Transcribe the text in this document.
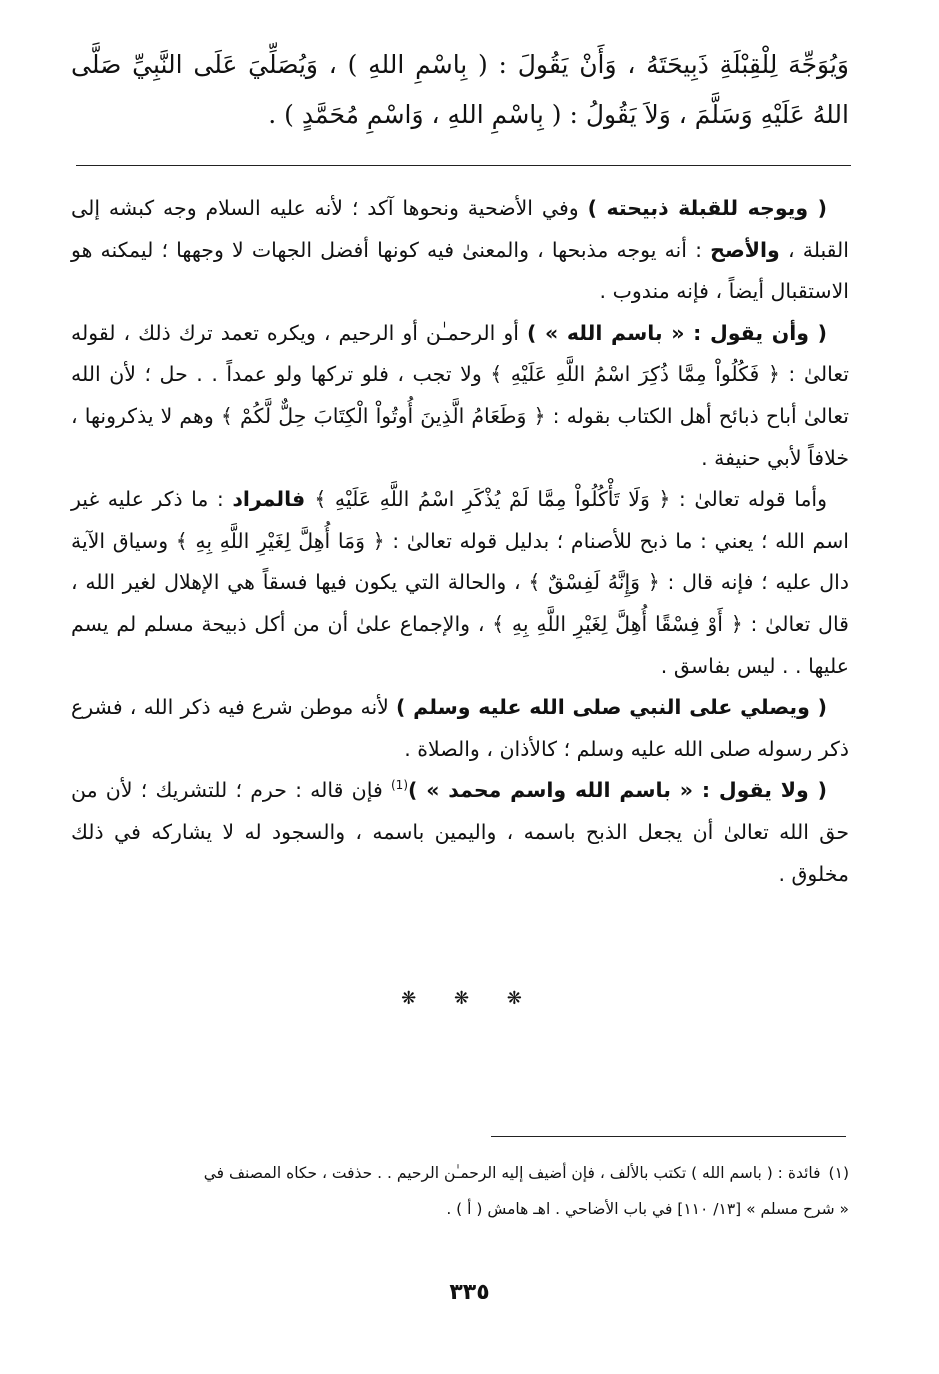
وَيُوَجِّهَ لِلْقِبْلَةِ ذَبِيحَتَهُ ، وَأَنْ يَقُولَ : ( بِاسْمِ اللهِ ) ، وَيُصَلِّيَ عَلَى النَّبِيِّ صَلَّى اللهُ عَلَيْهِ وَسَلَّمَ ، وَلاَ يَقُولُ : ( بِاسْمِ اللهِ ، وَاسْمِ مُحَمَّدٍ ) .

( ويوجه للقبلة ذبيحته ) وفي الأضحية ونحوها آكد ؛ لأنه عليه السلام وجه كبشه إلى القبلة ، والأصح : أنه يوجه مذبحها ، والمعنىٰ فيه كونها أفضل الجهات لا وجهها ؛ ليمكنه هو الاستقبال أيضاً ، فإنه مندوب .

( وأن يقول : « باسم الله » ) أو الرحمـٰن أو الرحيم ، ويكره تعمد ترك ذلك ، لقوله تعالىٰ : ﴿ فَكُلُواْ مِمَّا ذُكِرَ اسْمُ اللَّهِ عَلَيْهِ ﴾ ولا تجب ، فلو تركها ولو عمداً . . حل ؛ لأن الله تعالىٰ أباح ذبائح أهل الكتاب بقوله : ﴿ وَطَعَامُ الَّذِينَ أُوتُواْ الْكِتَابَ حِلٌّ لَّكُمْ ﴾ وهم لا يذكرونها ، خلافاً لأبي حنيفة .

وأما قوله تعالىٰ : ﴿ وَلَا تَأْكُلُواْ مِمَّا لَمْ يُذْكَرِ اسْمُ اللَّهِ عَلَيْهِ ﴾ فالمراد : ما ذكر عليه غير اسم الله ؛ يعني : ما ذبح للأصنام ؛ بدليل قوله تعالىٰ : ﴿ وَمَا أُهِلَّ لِغَيْرِ اللَّهِ بِهِ ﴾ وسياق الآية دال عليه ؛ فإنه قال : ﴿ وَإِنَّهُ لَفِسْقٌ ﴾ ، والحالة التي يكون فيها فسقاً هي الإهلال لغير الله ، قال تعالىٰ : ﴿ أَوْ فِسْقًا أُهِلَّ لِغَيْرِ اللَّهِ بِهِ ﴾ ، والإجماع علىٰ أن من أكل ذبيحة مسلم لم يسم عليها . . ليس بفاسق .

( ويصلي على النبي صلى الله عليه وسلم ) لأنه موطن شرع فيه ذكر الله ، فشرع ذكر رسوله صلى الله عليه وسلم ؛ كالأذان ، والصلاة .

( ولا يقول : « باسم الله واسم محمد » )$^{(1)}$ فإن قاله : حرم ؛ للتشريك ؛ لأن من حق الله تعالىٰ أن يجعل الذبح باسمه ، واليمين باسمه ، والسجود له لا يشاركه في ذلك مخلوق .

❋ ❋ ❋

(١)فائدة : ( باسم الله ) تكتب بالألف ، فإن أضيف إليه الرحمـٰن الرحيم . . حذفت ، حكاه المصنف في

« شرح مسلم » [١٣/ ١١٠] في باب الأضاحي . اهـ هامش ( أ ) .

٣٣٥
